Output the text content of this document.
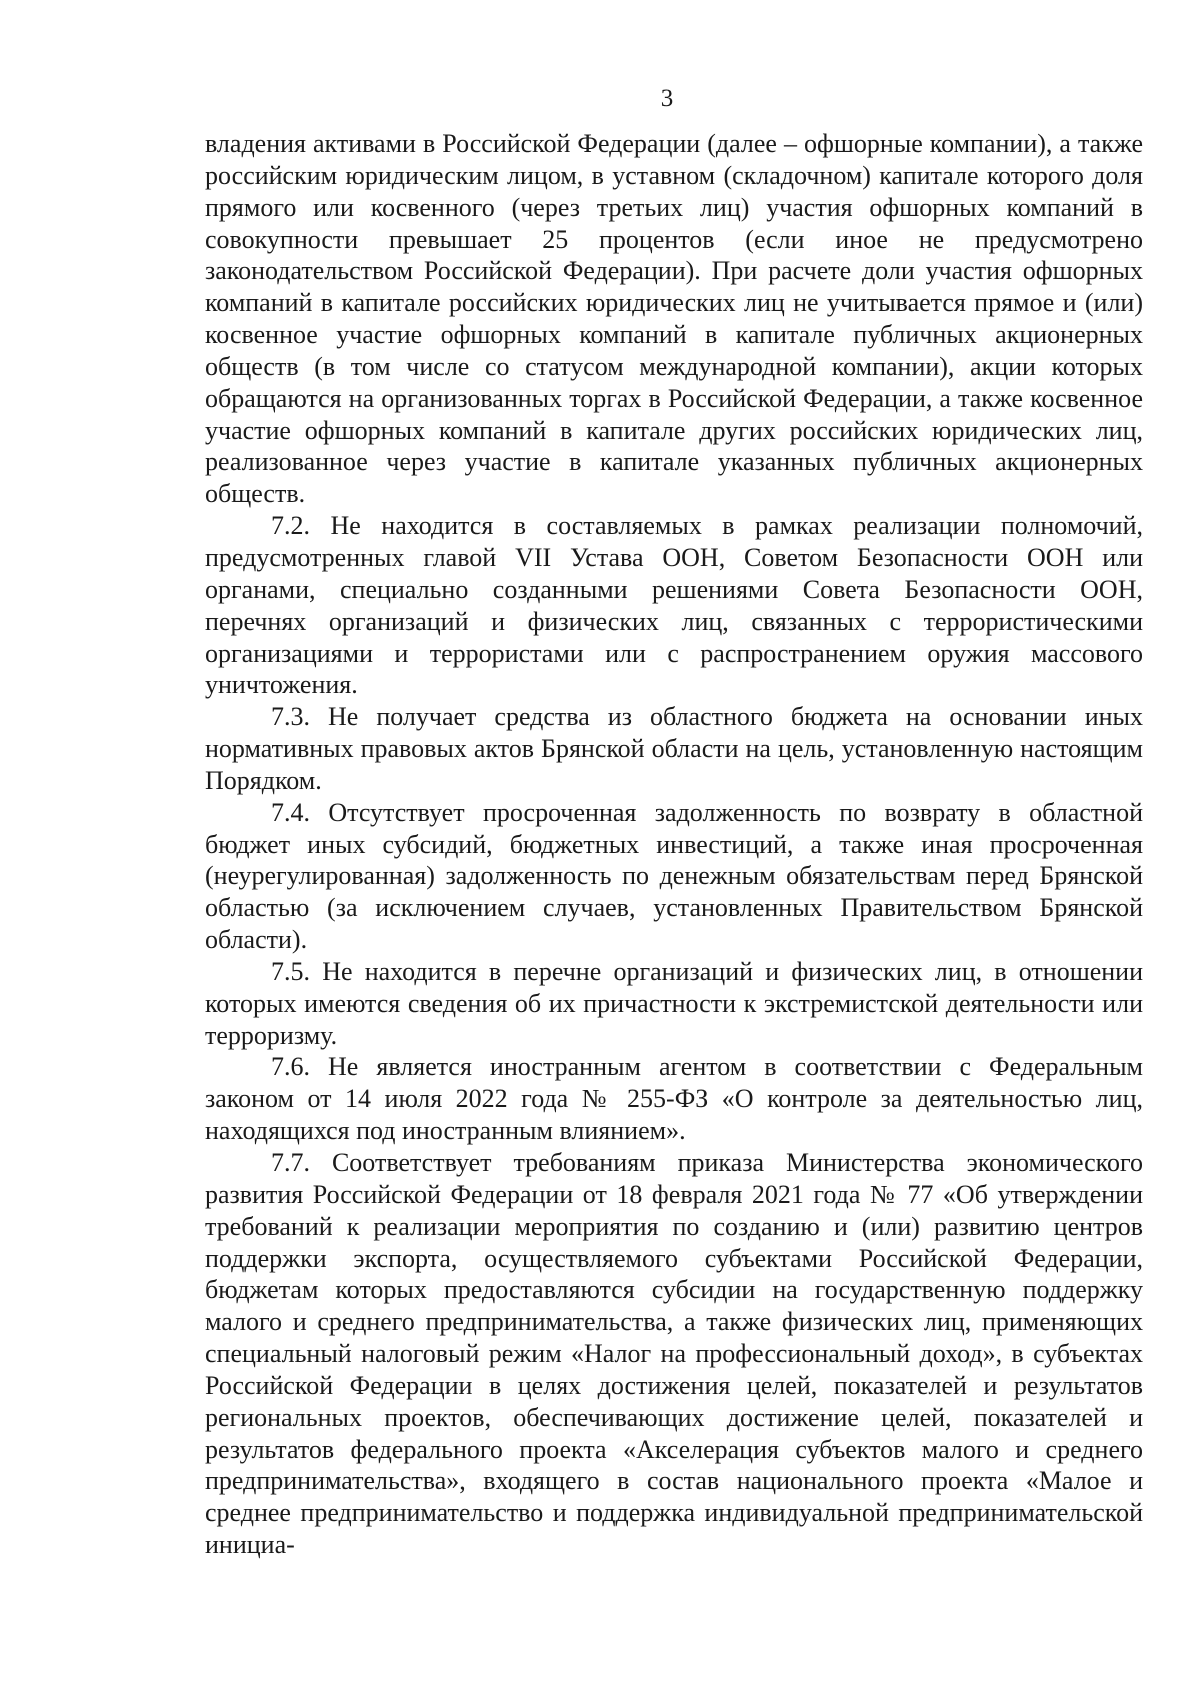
3

владения активами в Российской Федерации (далее – офшорные компании), а также российским юридическим лицом, в уставном (складочном) капитале которого доля прямого или косвенного (через третьих лиц) участия офшорных компаний в совокупности превышает 25 процентов (если иное не предусмотрено законодательством Российской Федерации). При расчете доли участия офшорных компаний в капитале российских юридических лиц не учитывается прямое и (или) косвенное участие офшорных компаний в капитале публичных акционерных обществ (в том числе со статусом международной компании), акции которых обращаются на организованных торгах в Российской Федерации, а также косвенное участие офшорных компаний в капитале других российских юридических лиц, реализованное через участие в капитале указанных публичных акционерных обществ.

7.2. Не находится в составляемых в рамках реализации полномочий, предусмотренных главой VII Устава ООН, Советом Безопасности ООН или органами, специально созданными решениями Совета Безопасности ООН, перечнях организаций и физических лиц, связанных с террористическими организациями и террористами или с распространением оружия массового уничтожения.

7.3. Не получает средства из областного бюджета на основании иных нормативных правовых актов Брянской области на цель, установленную настоящим Порядком.

7.4. Отсутствует просроченная задолженность по возврату в областной бюджет иных субсидий, бюджетных инвестиций, а также иная просроченная (неурегулированная) задолженность по денежным обязательствам перед Брянской областью (за исключением случаев, установленных Правительством Брянской области).

7.5. Не находится в перечне организаций и физических лиц, в отношении которых имеются сведения об их причастности к экстремистской деятельности или терроризму.

7.6. Не является иностранным агентом в соответствии с Федеральным законом от 14 июля 2022 года № 255-ФЗ «О контроле за деятельностью лиц, находящихся под иностранным влиянием».

7.7. Соответствует требованиям приказа Министерства экономического развития Российской Федерации от 18 февраля 2021 года № 77 «Об утверждении требований к реализации мероприятия по созданию и (или) развитию центров поддержки экспорта, осуществляемого субъектами Российской Федерации, бюджетам которых предоставляются субсидии на государственную поддержку малого и среднего предпринимательства, а также физических лиц, применяющих специальный налоговый режим «Налог на профессиональный доход», в субъектах Российской Федерации в целях достижения целей, показателей и результатов региональных проектов, обеспечивающих достижение целей, показателей и результатов федерального проекта «Акселерация субъектов малого и среднего предпринимательства», входящего в состав национального проекта «Малое и среднее предпринимательство и поддержка индивидуальной предпринимательской инициа-
